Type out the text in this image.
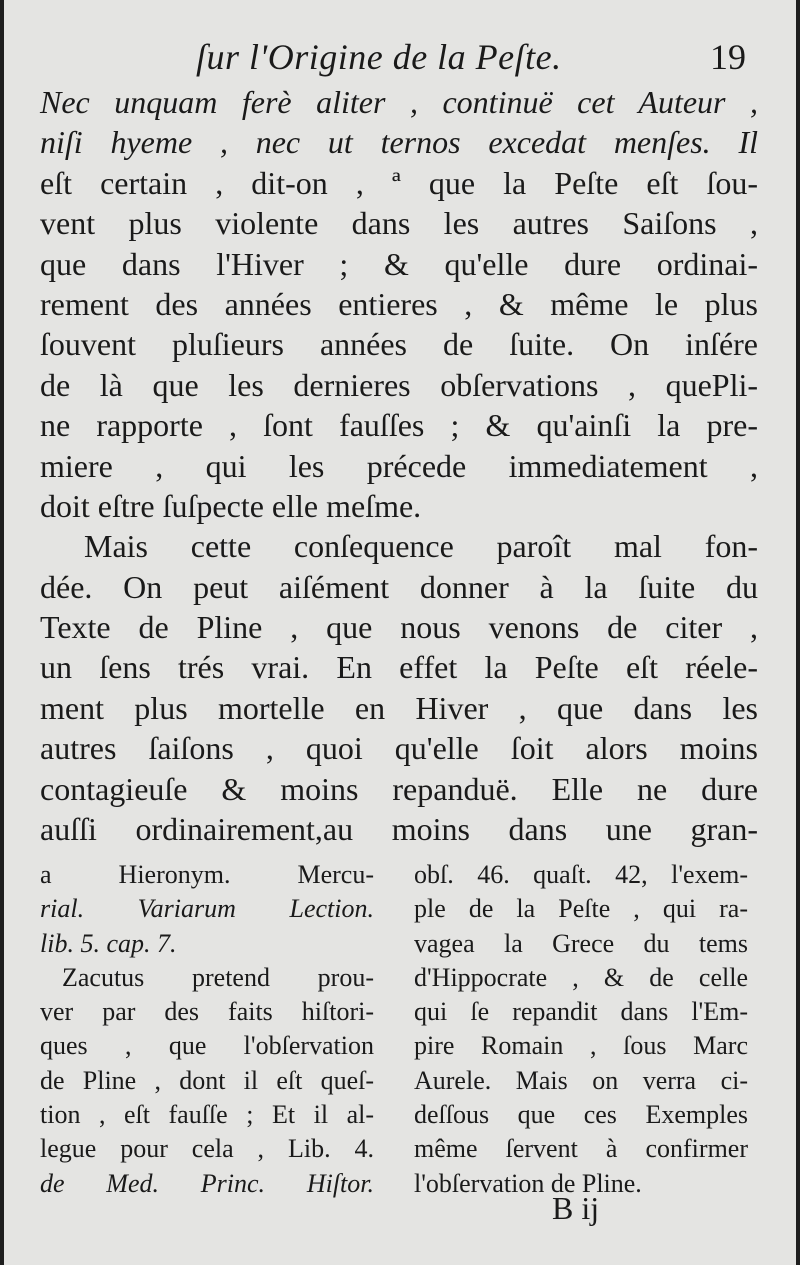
ſur l'Origine de la Peſte.	19
Nec unquam ferè aliter , continuë cet Auteur ,
niſi hyeme , nec ut ternos excedat menſes. Il
eſt certain , dit-on , ª que la Peſte eſt ſou-
vent plus violente dans les autres Saiſons ,
que dans l'Hiver ; & qu'elle dure ordinai-
rement des années entieres , & même le plus
ſouvent pluſieurs années de ſuite. On inſére
de là que les dernieres obſervations , quePli-
ne rapporte , ſont fauſſes ; & qu'ainſi la pre-
miere , qui les précede immediatement ,
doit eſtre ſuſpecte elle meſme.
Mais cette conſequence paroît mal fon-
dée. On peut aiſément donner à la ſuite du
Texte de Pline , que nous venons de citer ,
un ſens trés vrai. En effet la Peſte eſt réele-
ment plus mortelle en Hiver , que dans les
autres ſaiſons , quoi qu'elle ſoit alors moins
contagieuſe & moins repanduë. Elle ne dure
auſſi ordinairement,au moins dans une gran-
a Hieronym. Mercu-
rial. Variarum Lection.
lib. 5. cap. 7.
Zacutus pretend prou-
ver par des faits hiſtori-
ques , que l'obſervation
de Pline , dont il eſt queſ-
tion , eſt fauſſe ; Et il al-
legue pour cela , Lib. 4.
de Med. Princ. Hiſtor.
obſ. 46. quaſt. 42, l'exem-
ple de la Peſte , qui ra-
vagea la Grece du tems
d'Hippocrate , & de celle
qui ſe repandit dans l'Em-
pire Romain , ſous Marc
Aurele. Mais on verra ci-
deſſous que ces Exemples
même ſervent à confirmer
l'obſervation de Pline.
B ij
